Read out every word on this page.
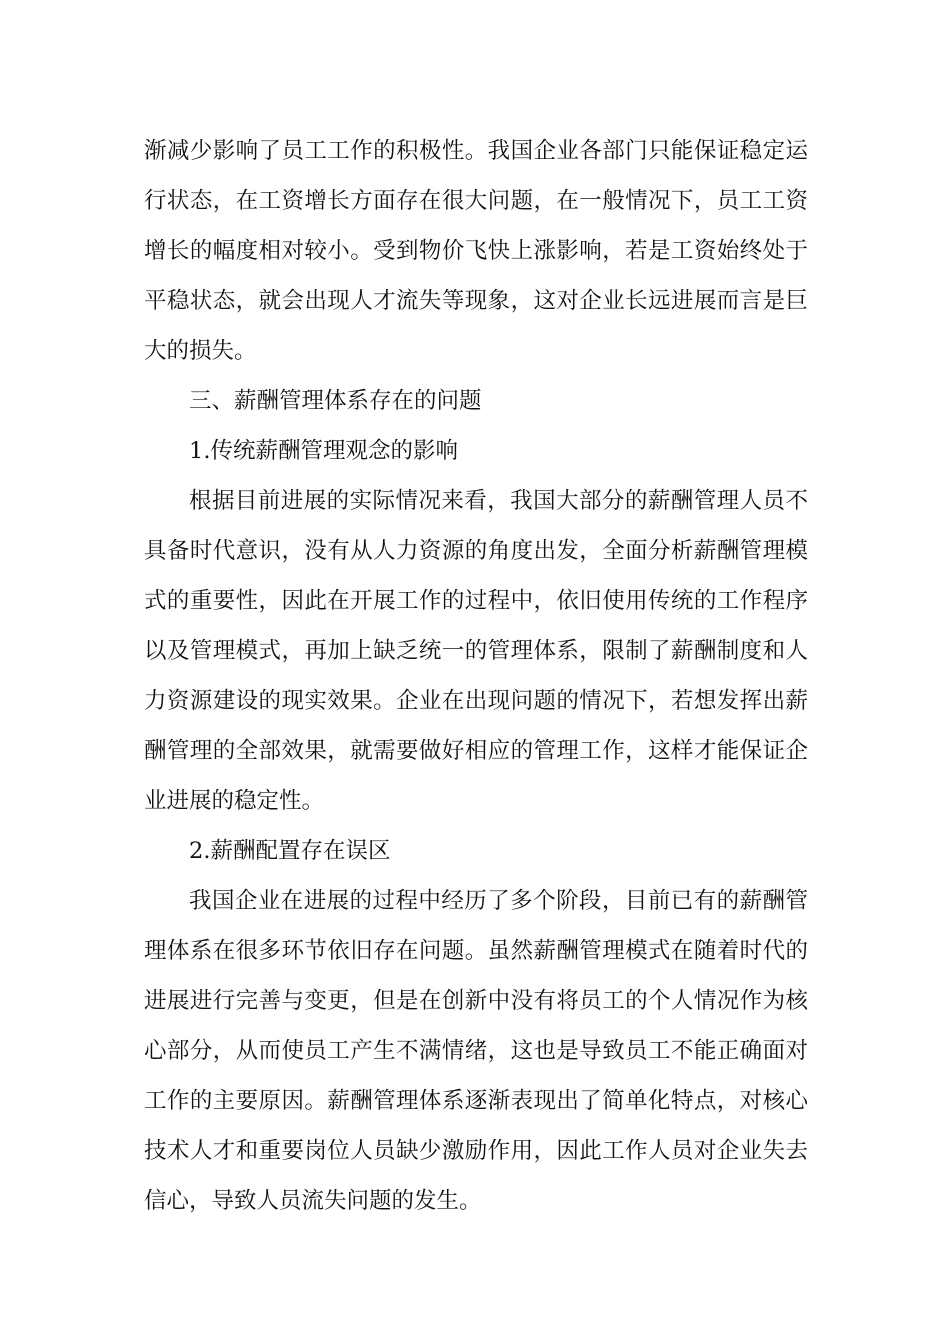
渐减少影响了员工工作的积极性。我国企业各部门只能保证稳定运行状态，在工资增长方面存在很大问题，在一般情况下，员工工资增长的幅度相对较小。受到物价飞快上涨影响，若是工资始终处于平稳状态，就会出现人才流失等现象，这对企业长远进展而言是巨大的损失。

三、薪酬管理体系存在的问题

1.传统薪酬管理观念的影响

根据目前进展的实际情况来看，我国大部分的薪酬管理人员不具备时代意识，没有从人力资源的角度出发，全面分析薪酬管理模式的重要性，因此在开展工作的过程中，依旧使用传统的工作程序以及管理模式，再加上缺乏统一的管理体系，限制了薪酬制度和人力资源建设的现实效果。企业在出现问题的情况下，若想发挥出薪酬管理的全部效果，就需要做好相应的管理工作，这样才能保证企业进展的稳定性。

2.薪酬配置存在误区

我国企业在进展的过程中经历了多个阶段，目前已有的薪酬管理体系在很多环节依旧存在问题。虽然薪酬管理模式在随着时代的进展进行完善与变更，但是在创新中没有将员工的个人情况作为核心部分，从而使员工产生不满情绪，这也是导致员工不能正确面对工作的主要原因。薪酬管理体系逐渐表现出了简单化特点，对核心技术人才和重要岗位人员缺少激励作用，因此工作人员对企业失去信心，导致人员流失问题的发生。
